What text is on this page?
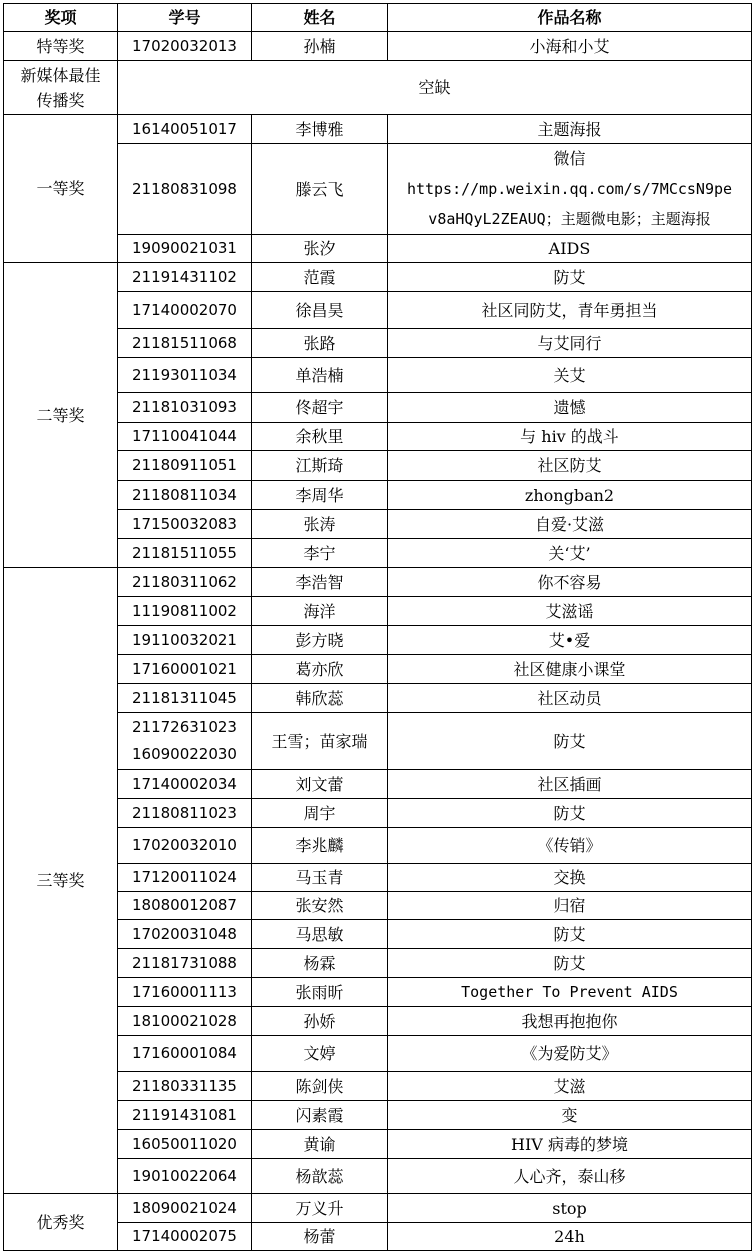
奖项	学号	姓名	作品名称
特等奖	17020032013	孙楠	小海和小艾

新媒体最佳
传播奖	空缺		
一等奖	16140051017	李博雅	主题海报

	21180831098	滕云飞	微信
https://mp.weixin.qq.com/s/7MCcsN9pe
v8aHQyL2ZEAUQ；主题微电影；主题海报

	19090021031	张汐	AIDS

二等奖	21191431102	范霞	防艾

	17140002070	徐昌昊	社区同防艾，青年勇担当

	21181511068	张路	与艾同行

	21193011034	单浩楠	关艾

	21181031093	佟超宇	遗憾

	17110041044	余秋里	与 hiv 的战斗

	21180911051	江斯琦	社区防艾

	21180811034	李周华	zhongban2

	17150032083	张涛	自爱·艾滋

	21181511055	李宁	关‘艾’

三等奖	21180311062	李浩智	你不容易

	11190811002	海洋	艾滋谣

	19110032021	彭方晓	艾•爱

	17160001021	葛亦欣	社区健康小课堂

	21181311045	韩欣蕊	社区动员

	21172631023
16090022030	王雪；苗家瑞	防艾

	17140002034	刘文蕾	社区插画

	21180811023	周宇	防艾

	17020032010	李兆麟	《传销》

	17120011024	马玉青	交换

	18080012087	张安然	归宿

	17020031048	马思敏	防艾

	21181731088	杨霖	防艾

	17160001113	张雨昕	Together To Prevent AIDS

	18100021028	孙娇	我想再抱抱你

	17160001084	文婷	《为爱防艾》

	21180331135	陈剑侠	艾滋

	21191431081	闪素霞	变

	16050011020	黄谕	HIV 病毒的梦境

	19010022064	杨歆蕊	人心齐，泰山移

优秀奖	18090021024	万义升	stop

	17140002075	杨蕾	24h
